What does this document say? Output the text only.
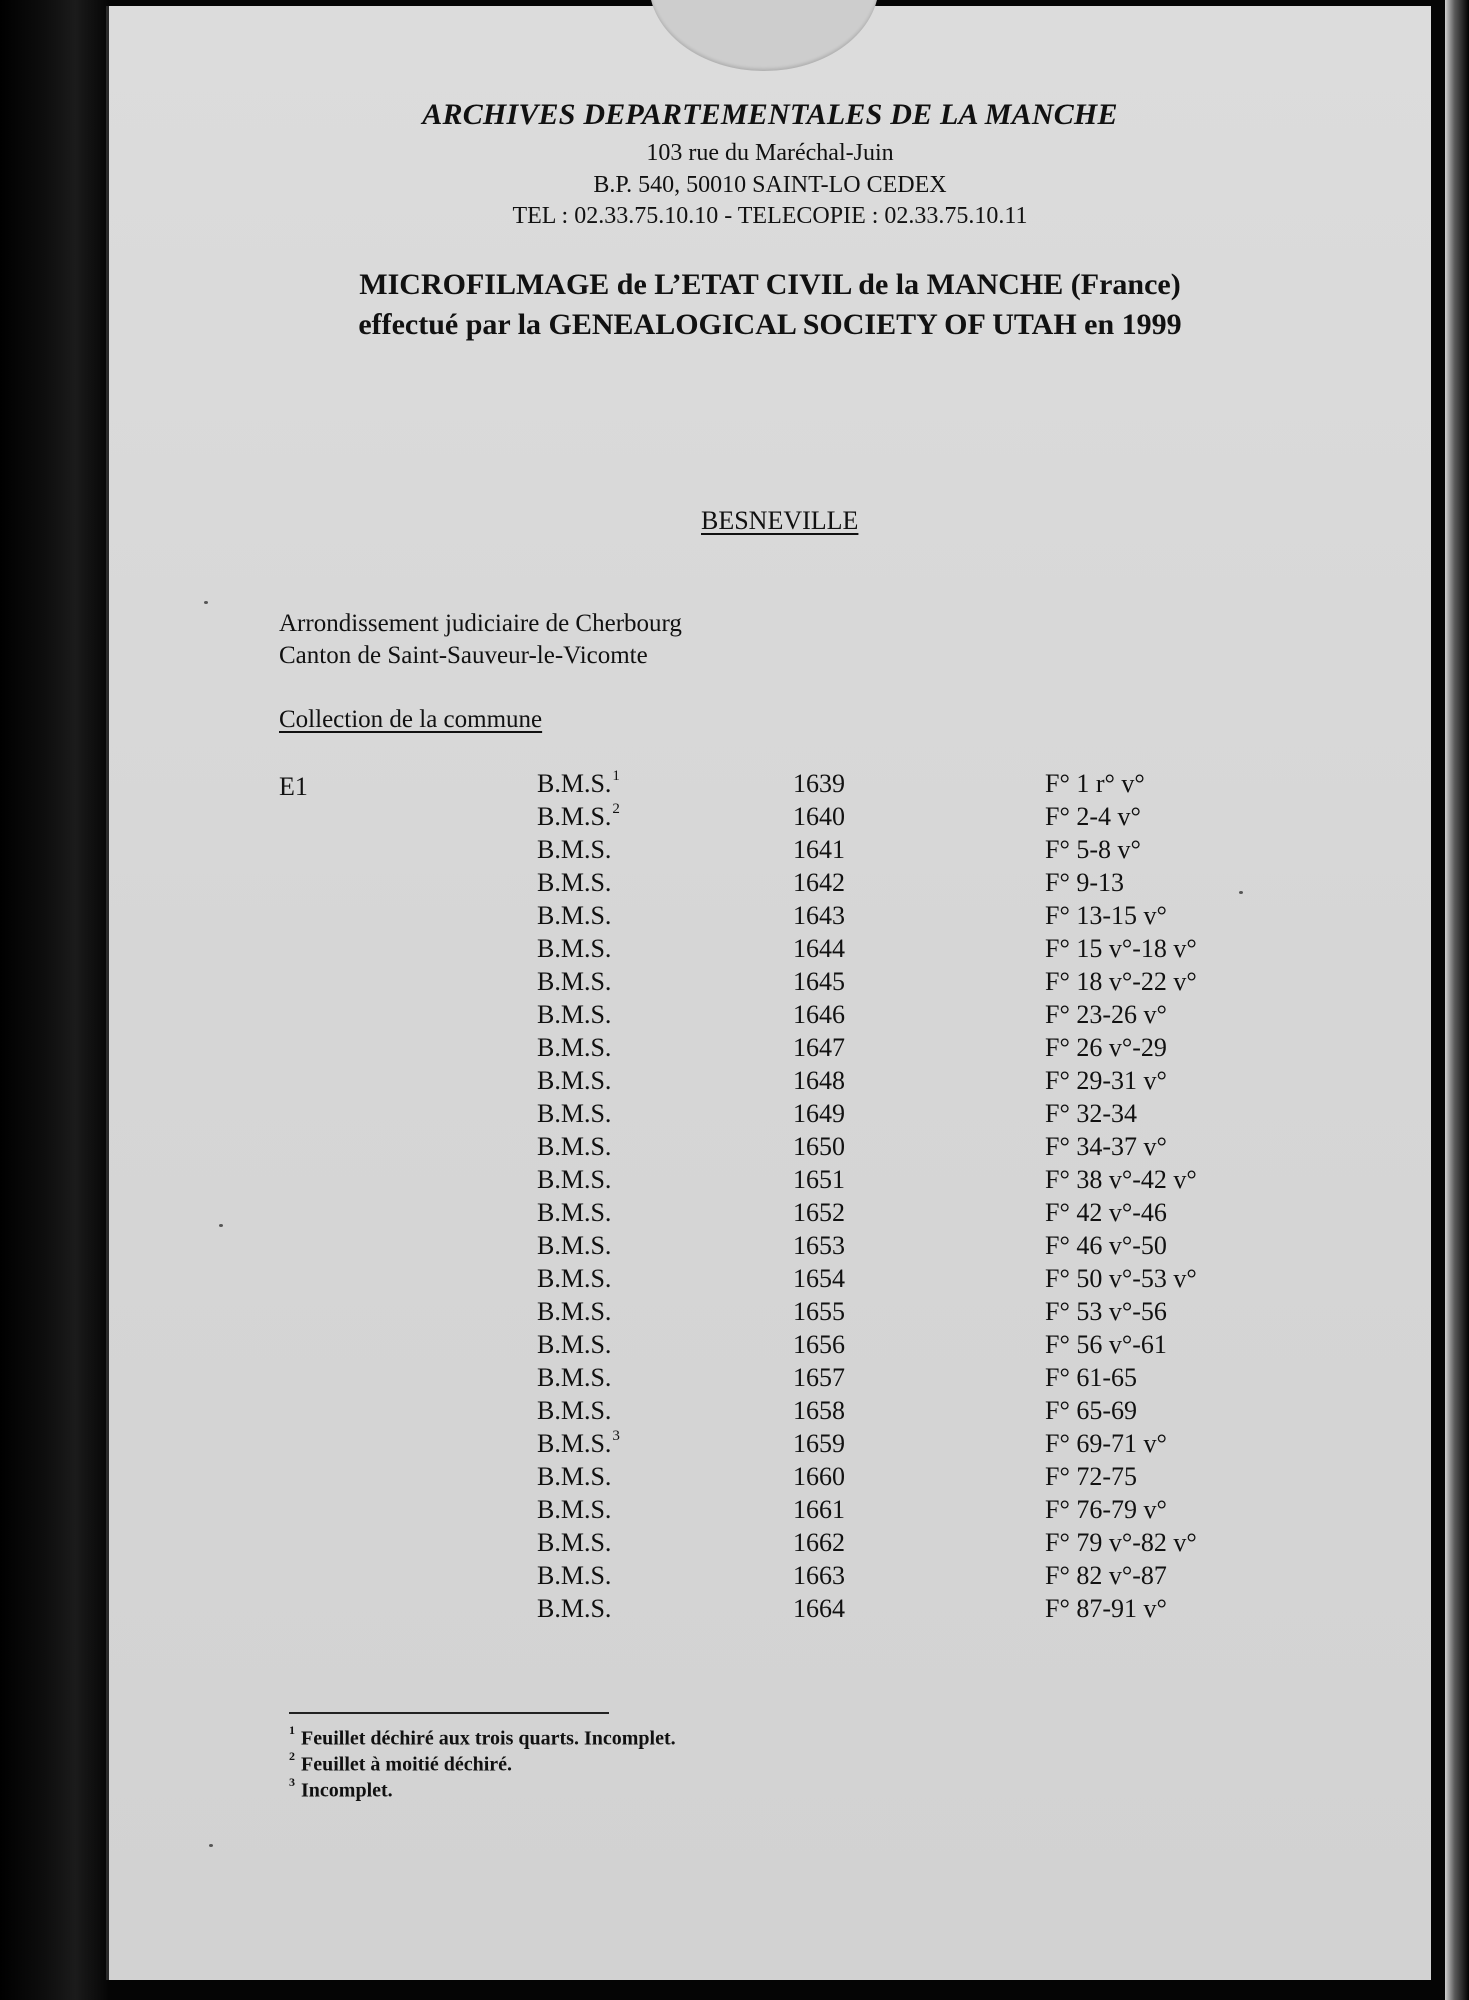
ARCHIVES DEPARTEMENTALES DE LA MANCHE
103 rue du Maréchal-Juin
B.P. 540, 50010 SAINT-LO CEDEX
TEL : 02.33.75.10.10 - TELECOPIE : 02.33.75.10.11
MICROFILMAGE de L’ETAT CIVIL de la MANCHE (France)
effectué par la GENEALOGICAL SOCIETY OF UTAH en 1999
BESNEVILLE
Arrondissement judiciaire de Cherbourg
Canton de Saint-Sauveur-le-Vicomte
Collection de la commune
E1	B.M.S.$^1$	1639	F° 1 r° v°
B.M.S.$^2$	1640	F° 2-4 v°
B.M.S.	1641	F° 5-8 v°
B.M.S.	1642	F° 9-13
B.M.S.	1643	F° 13-15 v°
B.M.S.	1644	F° 15 v°-18 v°
B.M.S.	1645	F° 18 v°-22 v°
B.M.S.	1646	F° 23-26 v°
B.M.S.	1647	F° 26 v°-29
B.M.S.	1648	F° 29-31 v°
B.M.S.	1649	F° 32-34
B.M.S.	1650	F° 34-37 v°
B.M.S.	1651	F° 38 v°-42 v°
B.M.S.	1652	F° 42 v°-46
B.M.S.	1653	F° 46 v°-50
B.M.S.	1654	F° 50 v°-53 v°
B.M.S.	1655	F° 53 v°-56
B.M.S.	1656	F° 56 v°-61
B.M.S.	1657	F° 61-65
B.M.S.	1658	F° 65-69
B.M.S.$^3$	1659	F° 69-71 v°
B.M.S.	1660	F° 72-75
B.M.S.	1661	F° 76-79 v°
B.M.S.	1662	F° 79 v°-82 v°
B.M.S.	1663	F° 82 v°-87
B.M.S.	1664	F° 87-91 v°
$^1$ Feuillet déchiré aux trois quarts. Incomplet.
$^2$ Feuillet à moitié déchiré.
$^3$ Incomplet.
